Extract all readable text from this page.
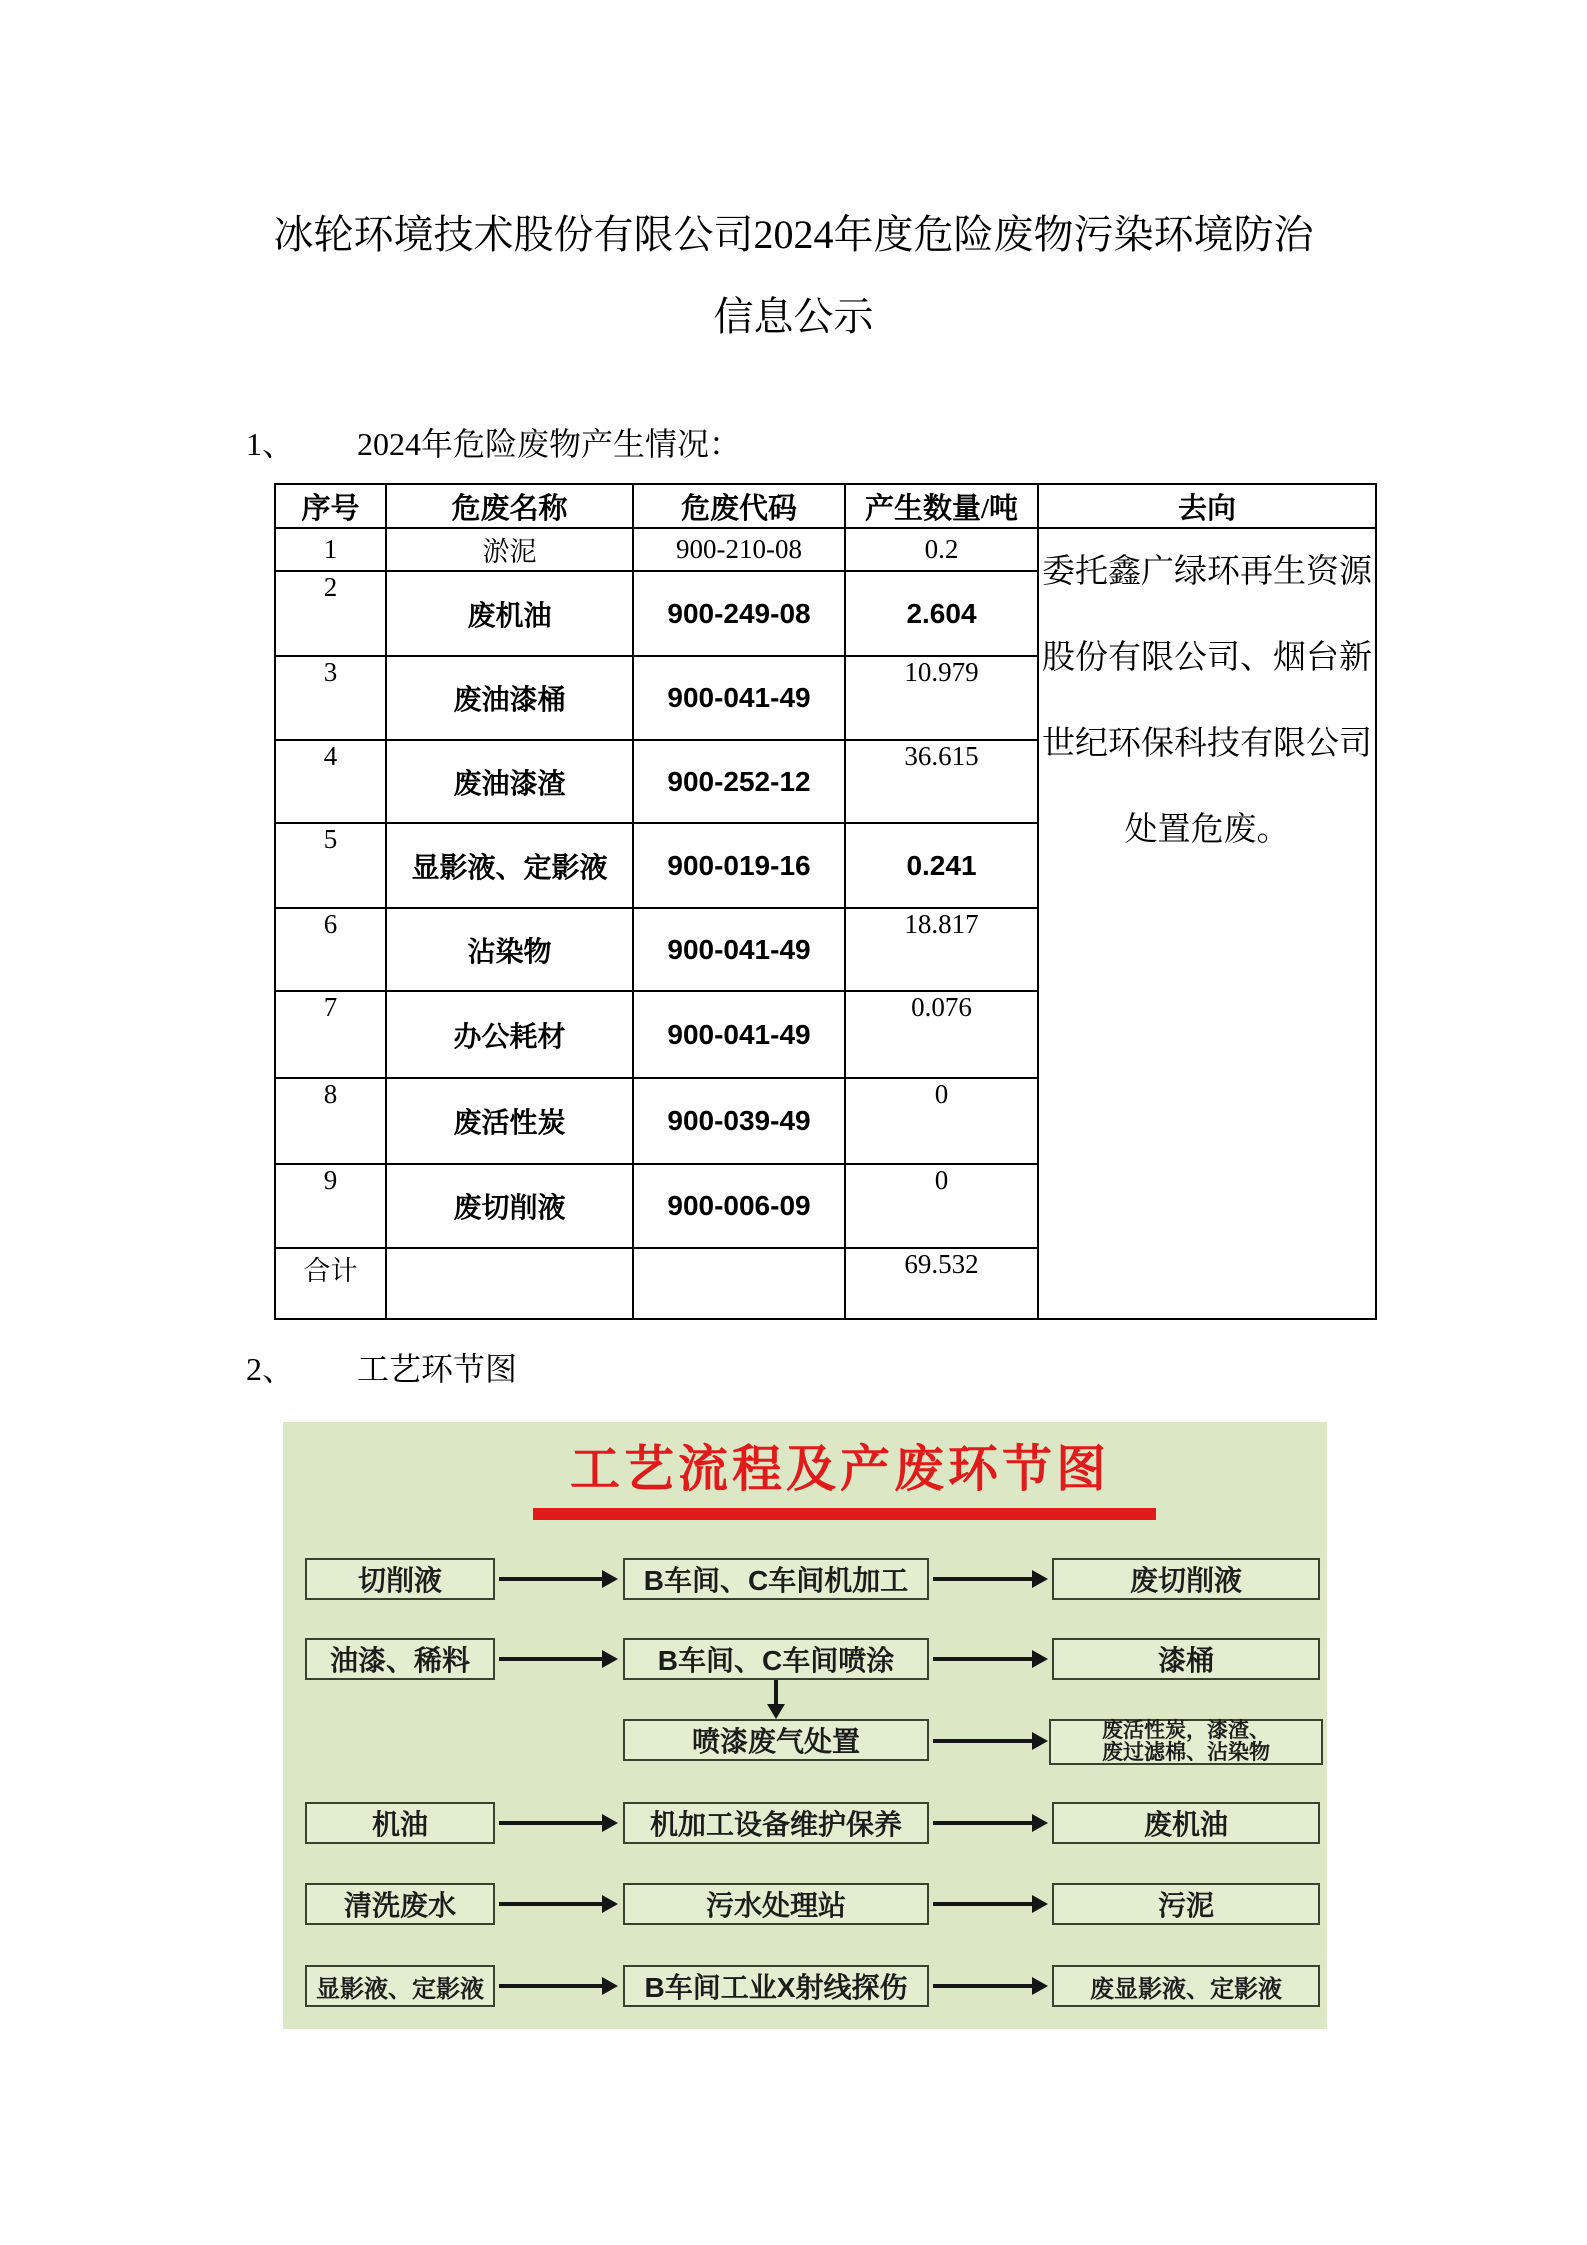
冰轮环境技术股份有限公司2024年度危险废物污染环境防治
信息公示
1、 2024年危险废物产生情况：
序号	危废名称	危废代码	产生数量/吨	去向
1	淤泥	900-210-08	0.2	委托鑫广绿环再生资源股份有限公司、烟台新世纪环保科技有限公司处置危废。
2	废机油	900-249-08	2.604	
3	废油漆桶	900-041-49	10.979	
4	废油漆渣	900-252-12	36.615	
5	显影液、定影液	900-019-16	0.241	
6	沾染物	900-041-49	18.817	
7	办公耗材	900-041-49	0.076	
8	废活性炭	900-039-49	0	
9	废切削液	900-006-09	0	
合计			69.532	
2、 工艺环节图
工艺流程及产废环节图
切削液	B车间、C车间机加工	废切削液
油漆、稀料	B车间、C车间喷涂	漆桶
喷漆废气处置	废活性炭，漆渣、
废过滤棉、沾染物
机油	机加工设备维护保养	废机油
清洗废水	污水处理站	污泥
显影液、定影液	B车间工业X射线探伤	废显影液、定影液
